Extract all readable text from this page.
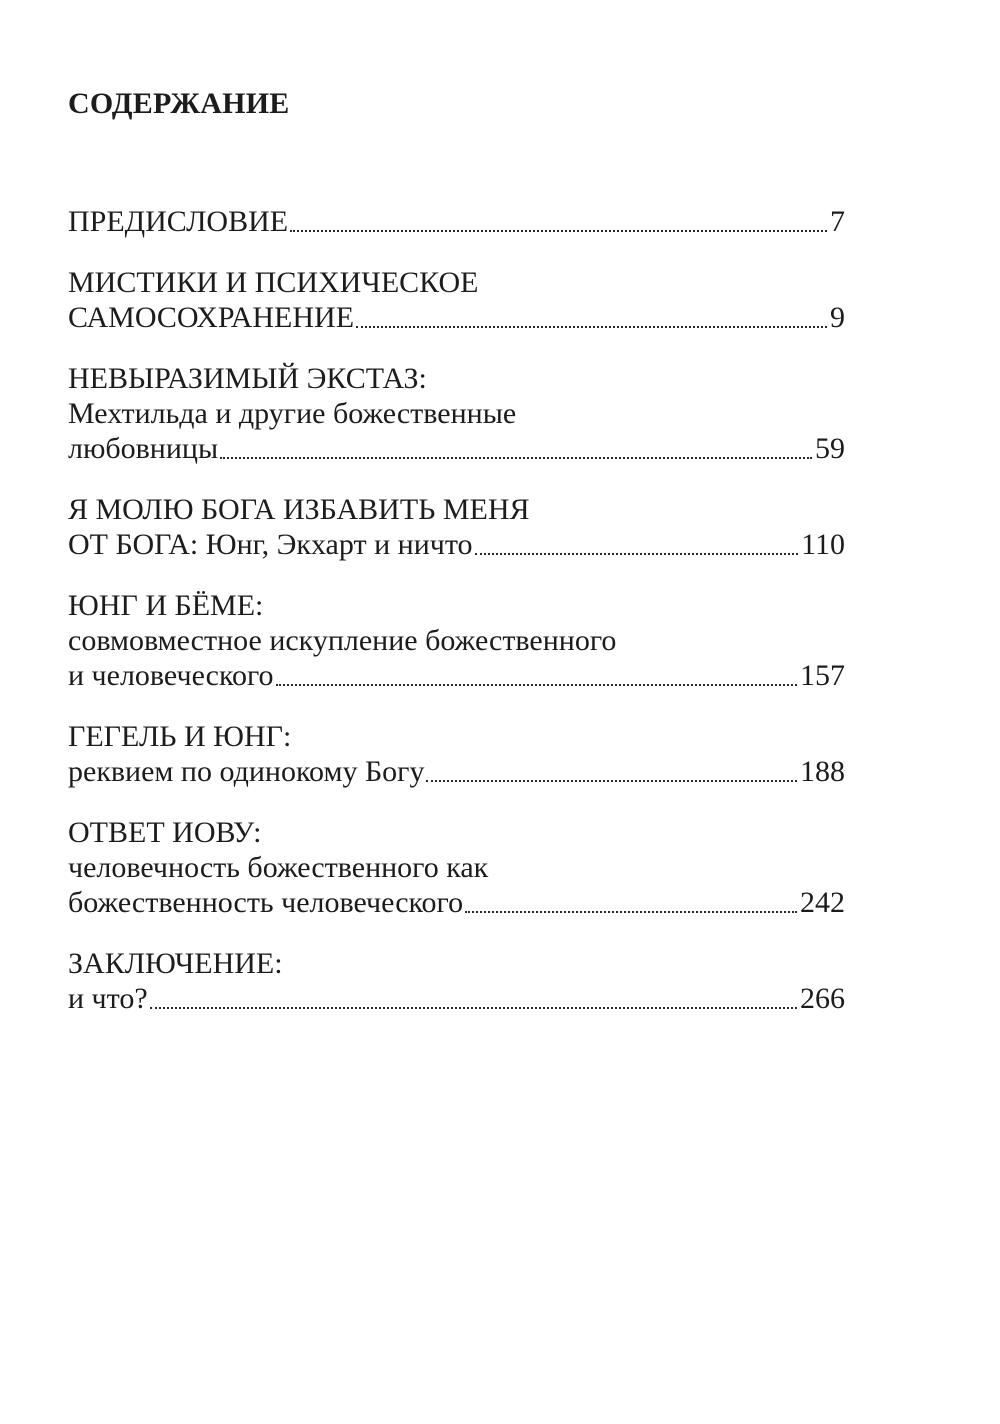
СОДЕРЖАНИЕ
ПРЕДИСЛОВИЕ	7
МИСТИКИ И ПСИХИЧЕСКОЕ
САМОСОХРАНЕНИЕ	9
НЕВЫРАЗИМЫЙ ЭКСТАЗ:
Мехтильда и другие божественные
любовницы	59
Я МОЛЮ БОГА ИЗБАВИТЬ МЕНЯ
ОТ БОГА: Юнг, Экхарт и ничто	110
ЮНГ И БЁМЕ:
совмовместное искупление божественного
и человеческого	157
ГЕГЕЛЬ И ЮНГ:
реквием по одинокому Богу	188
ОТВЕТ ИОВУ:
человечность божественного как
божественность человеческого	242
ЗАКЛЮЧЕНИЕ:
и что?	266
